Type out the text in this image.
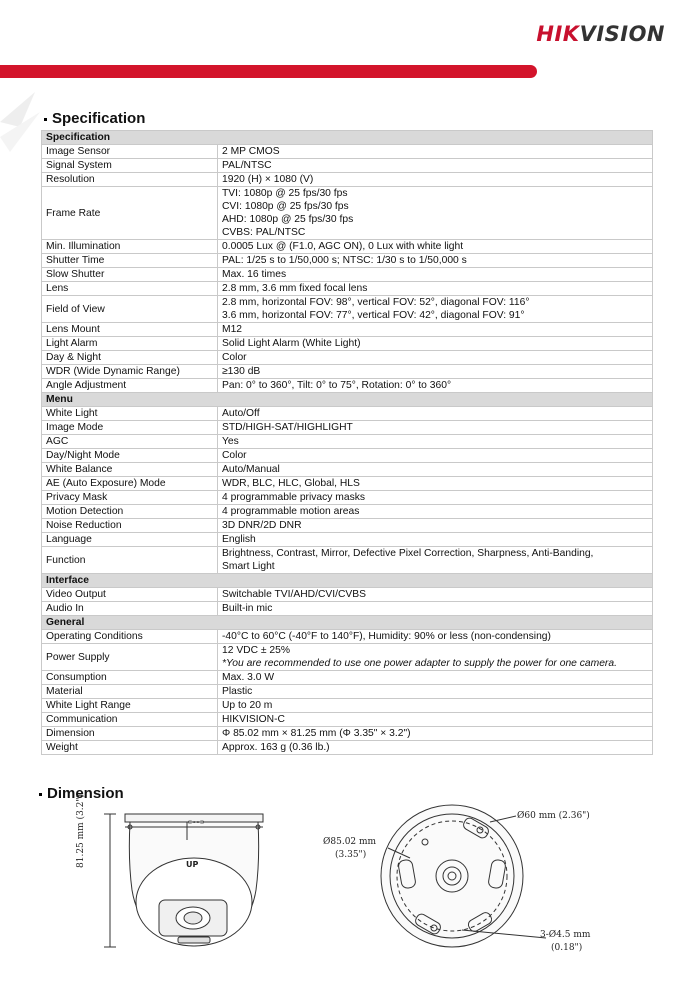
HIKVISION
Specification
Specification	
Image Sensor	2 MP CMOS

Signal System	PAL/NTSC

Resolution	1920 (H) × 1080 (V)

Frame Rate	TVI: 1080p @ 25 fps/30 fps
CVI: 1080p @ 25 fps/30 fps
AHD: 1080p @ 25 fps/30 fps
CVBS: PAL/NTSC

Min. Illumination	0.0005 Lux @ (F1.0, AGC ON), 0 Lux with white light

Shutter Time	PAL: 1/25 s to 1/50,000 s; NTSC: 1/30 s to 1/50,000 s

Slow Shutter	Max. 16 times

Lens	2.8 mm, 3.6 mm fixed focal lens

Field of View	2.8 mm, horizontal FOV: 98°, vertical FOV: 52°, diagonal FOV: 116°
3.6 mm, horizontal FOV: 77°, vertical FOV: 42°, diagonal FOV: 91°

Lens Mount	M12

Light Alarm	Solid Light Alarm (White Light)

Day & Night	Color

WDR (Wide Dynamic Range)	≥130 dB

Angle Adjustment	Pan: 0° to 360°, Tilt: 0° to 75°, Rotation: 0° to 360°

Menu	
White Light	Auto/Off

Image Mode	STD/HIGH-SAT/HIGHLIGHT

AGC	Yes

Day/Night Mode	Color

White Balance	Auto/Manual

AE (Auto Exposure) Mode	WDR, BLC, HLC, Global, HLS

Privacy Mask	4 programmable privacy masks

Motion Detection	4 programmable motion areas

Noise Reduction	3D DNR/2D DNR

Language	English

Function	Brightness, Contrast, Mirror, Defective Pixel Correction, Sharpness, Anti-Banding,
Smart Light

Interface	
Video Output	Switchable TVI/AHD/CVI/CVBS

Audio In	Built-in mic

General	
Operating Conditions	-40°C to 60°C (-40°F to 140°F), Humidity: 90% or less (non-condensing)

Power Supply	12 VDC ± 25%
*You are recommended to use one power adapter to supply the power for one camera.

Consumption	Max. 3.0 W

Material	Plastic

White Light Range	Up to 20 m

Communication	HIKVISION-C

Dimension	Φ 85.02 mm × 81.25 mm (Φ 3.35" × 3.2")

Weight	Approx. 163 g (0.36 lb.)
Dimension
⊂∘∘⊃
81.25 mm (3.2")	UP
Ø85.02 mm
(3.35")
Ø60 mm (2.36")
3-Ø4.5 mm
(0.18")
